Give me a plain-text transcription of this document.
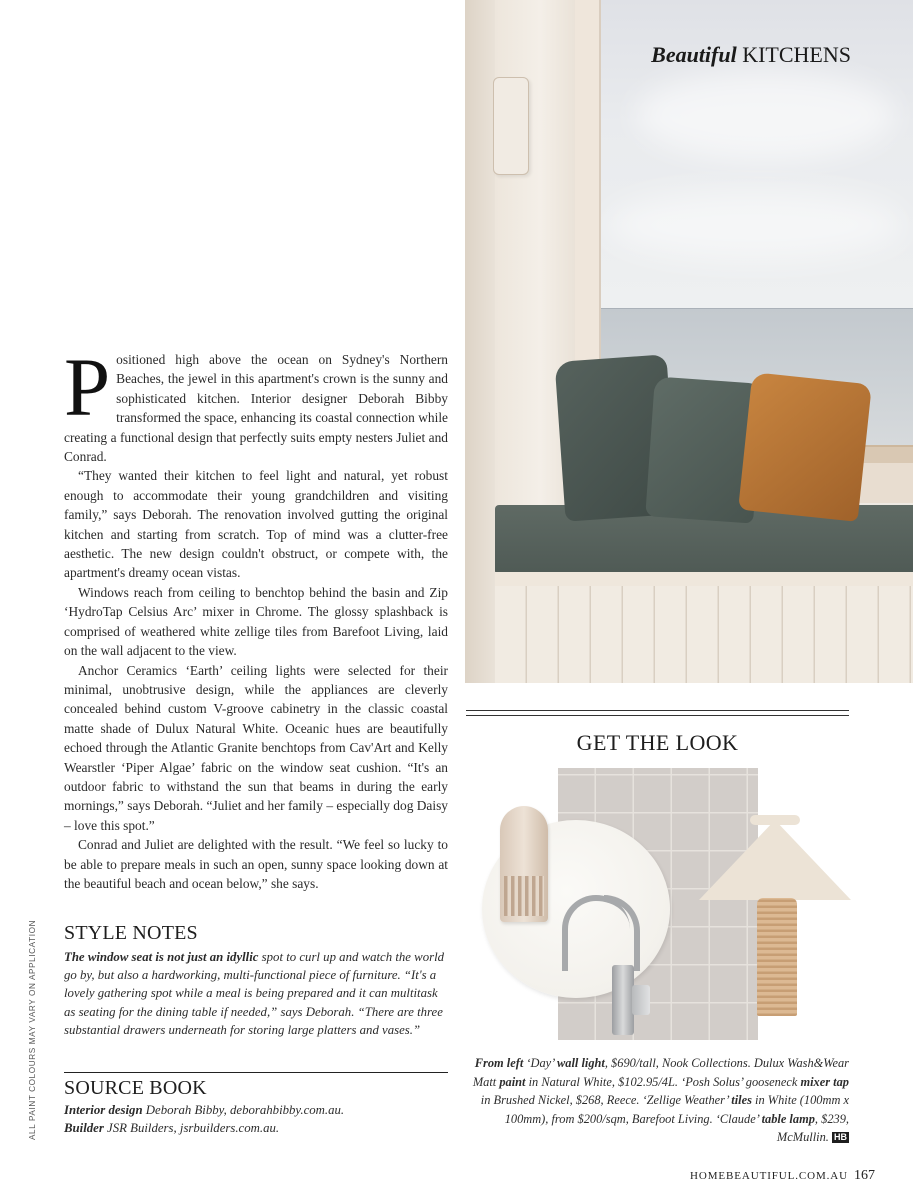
Beautiful KITCHENS

Positioned high above the ocean on Sydney's Northern Beaches, the jewel in this apartment's crown is the sunny and sophisticated kitchen. Interior designer Deborah Bibby transformed the space, enhancing its coastal connection while creating a functional design that perfectly suits empty nesters Juliet and Conrad.

“They wanted their kitchen to feel light and natural, yet robust enough to accommodate their young grandchildren and visiting family,” says Deborah. The renovation involved gutting the original kitchen and starting from scratch. Top of mind was a clutter-free aesthetic. The new design couldn't obstruct, or compete with, the apartment's dreamy ocean vistas.

Windows reach from ceiling to benchtop behind the basin and Zip ‘HydroTap Celsius Arc’ mixer in Chrome. The glossy splashback is comprised of weathered white zellige tiles from Barefoot Living, laid on the wall adjacent to the view.

Anchor Ceramics ‘Earth’ ceiling lights were selected for their minimal, unobtrusive design, while the appliances are cleverly concealed behind custom V-groove cabinetry in the classic coastal matte shade of Dulux Natural White. Oceanic hues are beautifully echoed through the Atlantic Granite benchtops from Cav'Art and Kelly Wearstler ‘Piper Algae’ fabric on the window seat cushion. “It's an outdoor fabric to withstand the sun that beams in during the early mornings,” says Deborah. “Juliet and her family – especially dog Daisy – love this spot.”

Conrad and Juliet are delighted with the result. “We feel so lucky to be able to prepare meals in such an open, sunny space looking down at the beautiful beach and ocean below,” she says.

ALL PAINT COLOURS MAY VARY ON APPLICATION STYLE NOTES
The window seat is not just an idyllic spot to curl up and watch the world go by, but also a hardworking, multi-functional piece of furniture. “It's a lovely gathering spot while a meal is being prepared and it can multitask as seating for the dining table if needed,” says Deborah. “There are three substantial drawers underneath for storing large platters and vases.”
SOURCE BOOK
Interior design Deborah Bibby, deborahbibby.com.au.
Builder JSR Builders, jsrbuilders.com.au.
GET THE LOOK
From left ‘Day’ wall light, $690/tall, Nook Collections. Dulux Wash&Wear Matt paint in Natural White, $102.95/4L. ‘Posh Solus’ gooseneck mixer tap in Brushed Nickel, $268, Reece. ‘Zellige Weather’ tiles in White (100mm x 100mm), from $200/sqm, Barefoot Living. ‘Claude’ table lamp, $239, McMullin. HB
HOMEBEAUTIFUL.COM.AU 167
